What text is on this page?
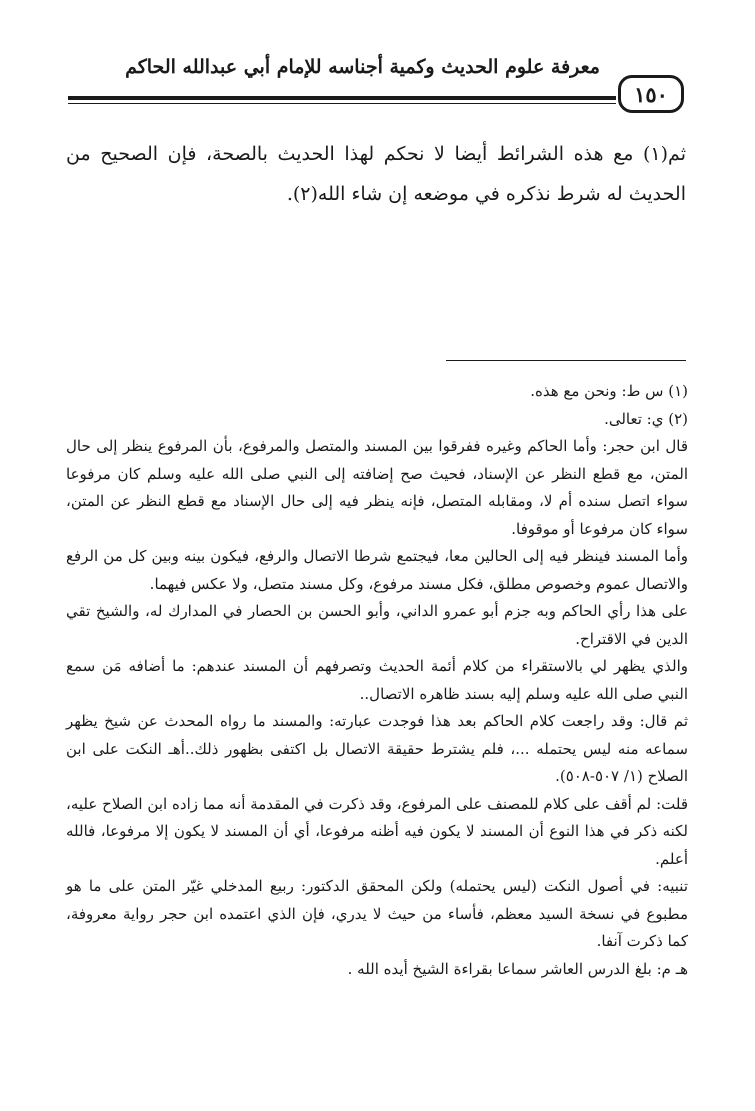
معرفة علوم الحديث وكمية أجناسه للإمام أبي عبدالله الحاكم
١٥٠

ثم(١) مع هذه الشرائط أيضا لا نحكم لهذا الحديث بالصحة، فإن الصحيح من الحديث له شرط نذكره في موضعه إن شاء الله(٢).

(١) س ط: ونحن مع هذه.

(٢) ي: تعالى.

قال ابن حجر: وأما الحاكم وغيره ففرقوا بين المسند والمتصل والمرفوع، بأن المرفوع ينظر إلى حال المتن، مع قطع النظر عن الإسناد، فحيث صح إضافته إلى النبي صلى الله عليه وسلم كان مرفوعا سواء اتصل سنده أم لا، ومقابله المتصل، فإنه ينظر فيه إلى حال الإسناد مع قطع النظر عن المتن، سواء كان مرفوعا أو موقوفا.

وأما المسند فينظر فيه إلى الحالين معا، فيجتمع شرطا الاتصال والرفع، فيكون بينه وبين كل من الرفع والاتصال عموم وخصوص مطلق، فكل مسند مرفوع، وكل مسند متصل، ولا عكس فيهما.

على هذا رأي الحاكم وبه جزم أبو عمرو الداني، وأبو الحسن بن الحصار في المدارك له، والشيخ تقي الدين في الاقتراح.

والذي يظهر لي بالاستقراء من كلام أئمة الحديث وتصرفهم أن المسند عندهم: ما أضافه مَن سمع النبي صلى الله عليه وسلم إليه بسند ظاهره الاتصال..

ثم قال: وقد راجعت كلام الحاكم بعد هذا فوجدت عبارته: والمسند ما رواه المحدث عن شيخ يظهر سماعه منه ليس يحتمله ...، فلم يشترط حقيقة الاتصال بل اكتفى بظهور ذلك..أهـ النكت على ابن الصلاح (١/ ٥٠٧-٥٠٨).

قلت: لم أقف على كلام للمصنف على المرفوع، وقد ذكرت في المقدمة أنه مما زاده ابن الصلاح عليه، لكنه ذكر في هذا النوع أن المسند لا يكون فيه أظنه مرفوعا، أي أن المسند لا يكون إلا مرفوعا، فالله أعلم.

تنبيه: في أصول النكت (ليس يحتمله) ولكن المحقق الدكتور: ربيع المدخلي غيّر المتن على ما هو مطبوع في نسخة السيد معظم، فأساء من حيث لا يدري، فإن الذي اعتمده ابن حجر رواية معروفة، كما ذكرت آنفا.

هـ م: بلغ الدرس العاشر سماعا بقراءة الشيخ أيده الله .
